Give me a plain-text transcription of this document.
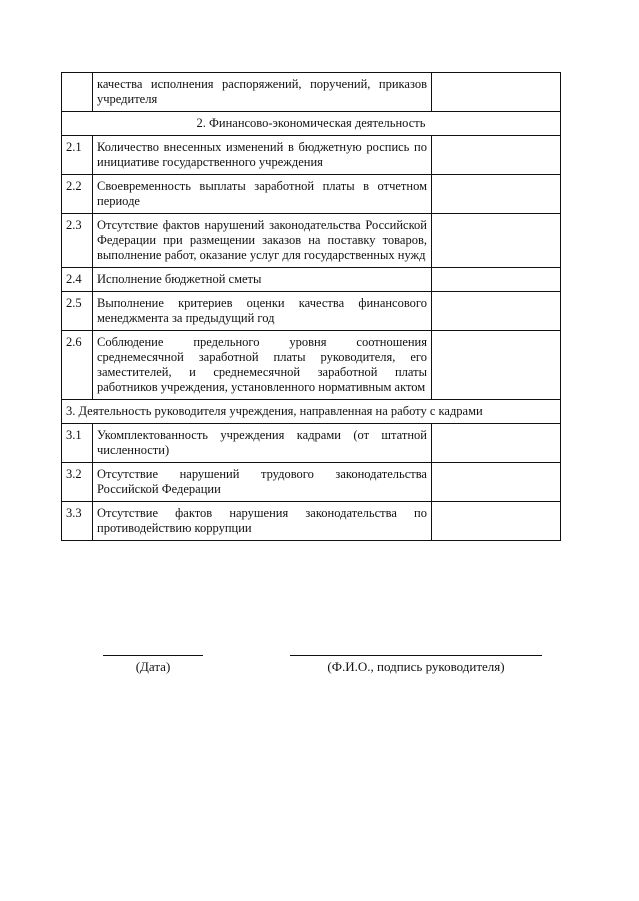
	качества исполнения распоряжений, поручений, приказов учредителя	
2. Финансово-экономическая деятельность		
2.1	Количество внесенных изменений в бюджетную роспись по инициативе государственного учреждения	
2.2	Своевременность выплаты заработной платы в отчетном периоде	
2.3	Отсутствие фактов нарушений законодательства Российской Федерации при размещении заказов на поставку товаров, выполнение работ, оказание услуг для государственных нужд	
2.4	Исполнение бюджетной сметы	
2.5	Выполнение критериев оценки качества финансового менеджмента за предыдущий год	
2.6	Соблюдение предельного уровня соотношения среднемесячной заработной платы руководителя, его заместителей, и среднемесячной заработной платы работников учреждения, установленного нормативным актом	
3. Деятельность руководителя учреждения, направленная на работу с кадрами		
3.1	Укомплектованность учреждения кадрами (от штатной численности)	
3.2	Отсутствие нарушений трудового законодательства Российской Федерации	
3.3	Отсутствие фактов нарушения законодательства по противодействию коррупции	
(Дата)	(Ф.И.О., подпись руководителя)
